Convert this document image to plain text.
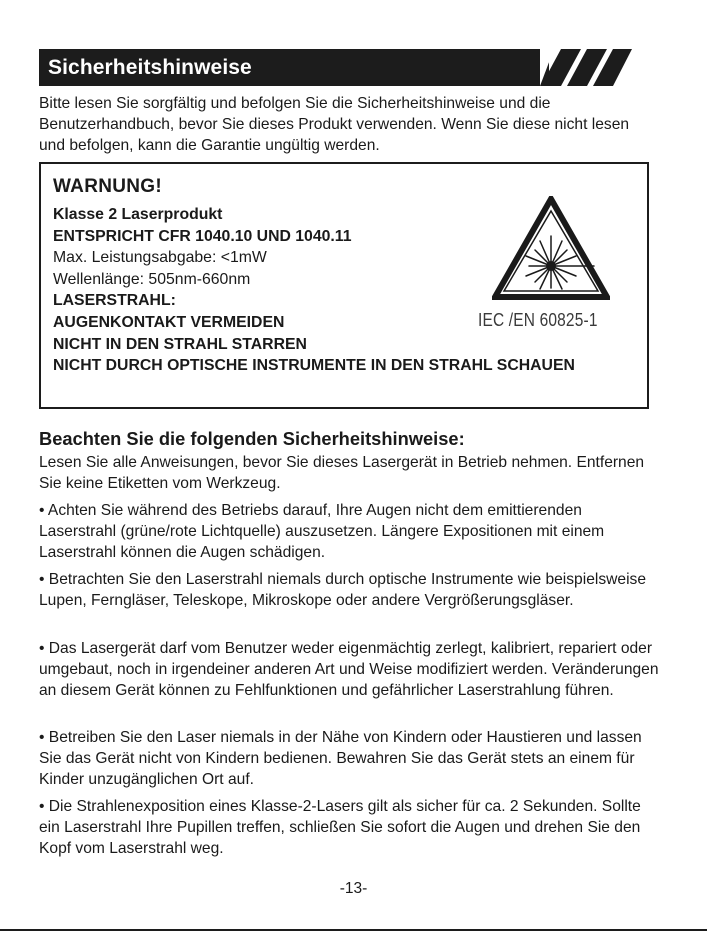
Sicherheitshinweise

Bitte lesen Sie sorgfältig und befolgen Sie die Sicherheitshinweise und die Benutzerhandbuch, bevor Sie dieses Produkt verwenden. Wenn Sie diese nicht lesen und befolgen, kann die Garantie ungültig werden.

WARNUNG!
Klasse 2 Laserprodukt
ENTSPRICHT CFR 1040.10 UND 1040.11
Max. Leistungsabgabe: <1mW
Wellenlänge: 505nm-660nm
LASERSTRAHL:
AUGENKONTAKT VERMEIDEN
NICHT IN DEN STRAHL STARREN
NICHT DURCH OPTISCHE INSTRUMENTE IN DEN STRAHL SCHAUEN
IEC /EN 60825-1
Beachten Sie die folgenden Sicherheitshinweise:

Lesen Sie alle Anweisungen, bevor Sie dieses Lasergerät in Betrieb nehmen. Entfernen Sie keine Etiketten vom Werkzeug.

• Achten Sie während des Betriebs darauf, Ihre Augen nicht dem emittierenden Laserstrahl (grüne/rote Lichtquelle) auszusetzen. Längere Expositionen mit einem Laserstrahl können die Augen schädigen.

• Betrachten Sie den Laserstrahl niemals durch optische Instrumente wie beispielsweise Lupen, Ferngläser, Teleskope, Mikroskope oder andere Vergrößerungsgläser.

• Das Lasergerät darf vom Benutzer weder eigenmächtig zerlegt, kalibriert, repariert oder umgebaut, noch in irgendeiner anderen Art und Weise modifiziert werden. Veränderungen an diesem Gerät können zu Fehlfunktionen und gefährlicher Laserstrahlung führen.

• Betreiben Sie den Laser niemals in der Nähe von Kindern oder Haustieren und lassen Sie das Gerät nicht von Kindern bedienen. Bewahren Sie das Gerät stets an einem für Kinder unzugänglichen Ort auf.

• Die Strahlenexposition eines Klasse-2-Lasers gilt als sicher für ca. 2 Sekunden. Sollte ein Laserstrahl Ihre Pupillen treffen, schließen Sie sofort die Augen und drehen Sie den Kopf vom Laserstrahl weg.

-13-
